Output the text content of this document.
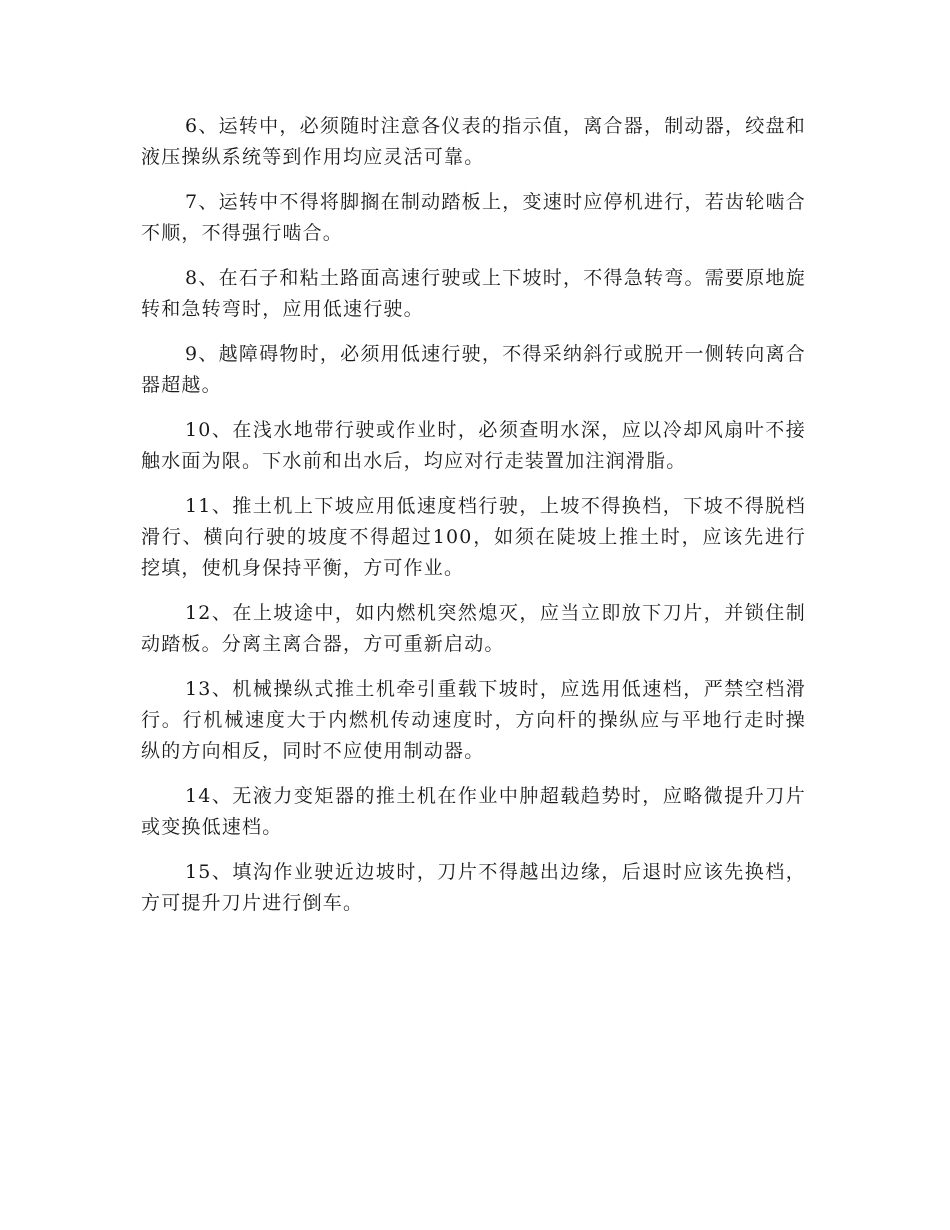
6、运转中，必须随时注意各仪表的指示值，离合器，制动器，绞盘和液压操纵系统等到作用均应灵活可靠。

7、运转中不得将脚搁在制动踏板上，变速时应停机进行，若齿轮啮合不顺，不得强行啮合。

8、在石子和粘土路面高速行驶或上下坡时，不得急转弯。需要原地旋转和急转弯时，应用低速行驶。

9、越障碍物时，必须用低速行驶，不得采纳斜行或脱开一侧转向离合器超越。

10、在浅水地带行驶或作业时，必须查明水深，应以冷却风扇叶不接触水面为限。下水前和出水后，均应对行走装置加注润滑脂。

11、推土机上下坡应用低速度档行驶，上坡不得换档，下坡不得脱档滑行、横向行驶的坡度不得超过100，如须在陡坡上推土时，应该先进行挖填，使机身保持平衡，方可作业。

12、在上坡途中，如内燃机突然熄灭，应当立即放下刀片，并锁住制动踏板。分离主离合器，方可重新启动。

13、机械操纵式推土机牵引重载下坡时，应选用低速档，严禁空档滑行。行机械速度大于内燃机传动速度时，方向杆的操纵应与平地行走时操纵的方向相反，同时不应使用制动器。

14、无液力变矩器的推土机在作业中肿超载趋势时，应略微提升刀片或变换低速档。

15、填沟作业驶近边坡时，刀片不得越出边缘，后退时应该先换档，方可提升刀片进行倒车。
